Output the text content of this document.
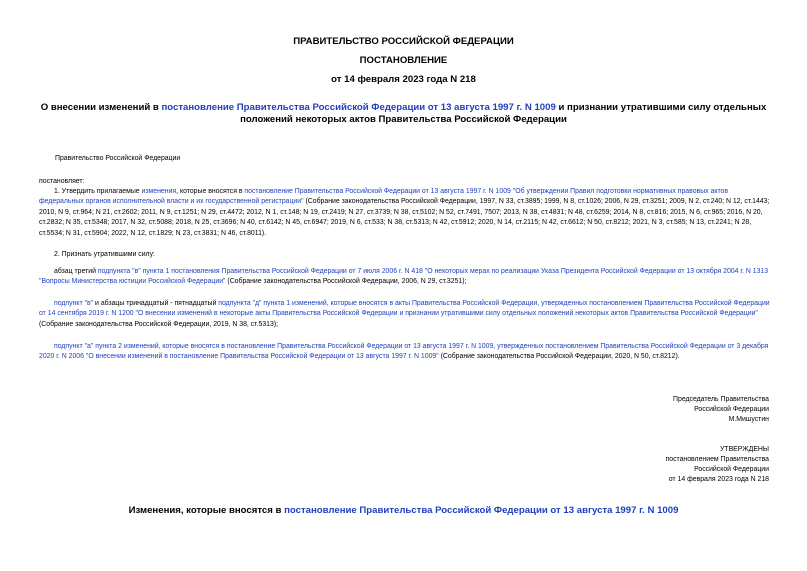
ПРАВИТЕЛЬСТВО РОССИЙСКОЙ ФЕДЕРАЦИИ
ПОСТАНОВЛЕНИЕ
от 14 февраля 2023 года N 218
О внесении изменений в постановление Правительства Российской Федерации от 13 августа 1997 г. N 1009 и признании утратившими силу отдельных положений некоторых актов Правительства Российской Федерации
Правительство Российской Федерации
постановляет:
1. Утвердить прилагаемые изменения, которые вносятся в постановление Правительства Российской Федерации от 13 августа 1997 г. N 1009 "Об утверждении Правил подготовки нормативных правовых актов федеральных органов исполнительной власти и их государственной регистрации" (Собрание законодательства Российской Федерации, 1997, N 33, ст.3895; 1999, N 8, ст.1026; 2006, N 29, ст.3251; 2009, N 2, ст.240; N 12, ст.1443; 2010, N 9, ст.964; N 21, ст.2602; 2011, N 9, ст.1251; N 29, ст.4472; 2012, N 1, ст.148; N 19, ст.2419; N 27, ст.3739; N 38, ст.5102; N 52, ст.7491, 7507; 2013, N 38, ст.4831; N 48, ст.6259; 2014, N 8, ст.816; 2015, N 6, ст.965; 2016, N 20, ст.2832; N 35, ст.5348; 2017, N 32, ст.5088; 2018, N 25, ст.3696; N 40, ст.6142; N 45, ст.6947; 2019, N 6, ст.533; N 38, ст.5313; N 42, ст.5912; 2020, N 14, ст.2115; N 42, ст.6612; N 50, ст.8212; 2021, N 3, ст.585; N 13, ст.2241; N 28, ст.5534; N 31, ст.5904; 2022, N 12, ст.1829; N 23, ст.3831; N 46, ст.8011).
2. Признать утратившими силу:
абзац третий подпункта "в" пункта 1 постановления Правительства Российской Федерации от 7 июля 2006 г. N 418 "О некоторых мерах по реализации Указа Президента Российской Федерации от 13 октября 2004 г. N 1313 "Вопросы Министерства юстиции Российской Федерации" (Собрание законодательства Российской Федерации, 2006, N 29, ст.3251);
подпункт "в" и абзацы тринадцатый - пятнадцатый подпункта "д" пункта 1 изменений, которые вносятся в акты Правительства Российской Федерации, утвержденных постановлением Правительства Российской Федерации от 14 сентября 2019 г. N 1200 "О внесении изменений в некоторые акты Правительства Российской Федерации и признании утратившими силу отдельных положений некоторых актов Правительства Российской Федерации" (Собрание законодательства Российской Федерации, 2019, N 38, ст.5313);
подпункт "а" пункта 2 изменений, которые вносятся в постановление Правительства Российской Федерации от 13 августа 1997 г. N 1009, утвержденных постановлением Правительства Российской Федерации от 3 декабря 2020 г. N 2006 "О внесении изменений в постановление Правительства Российской Федерации от 13 августа 1997 г. N 1009" (Собрание законодательства Российской Федерации, 2020, N 50, ст.8212).
Председатель Правительства
Российской Федерации
М.Мишустин
УТВЕРЖДЕНЫ
постановлением Правительства
Российской Федерации
от 14 февраля 2023 года N 218
Изменения, которые вносятся в постановление Правительства Российской Федерации от 13 августа 1997 г. N 1009
